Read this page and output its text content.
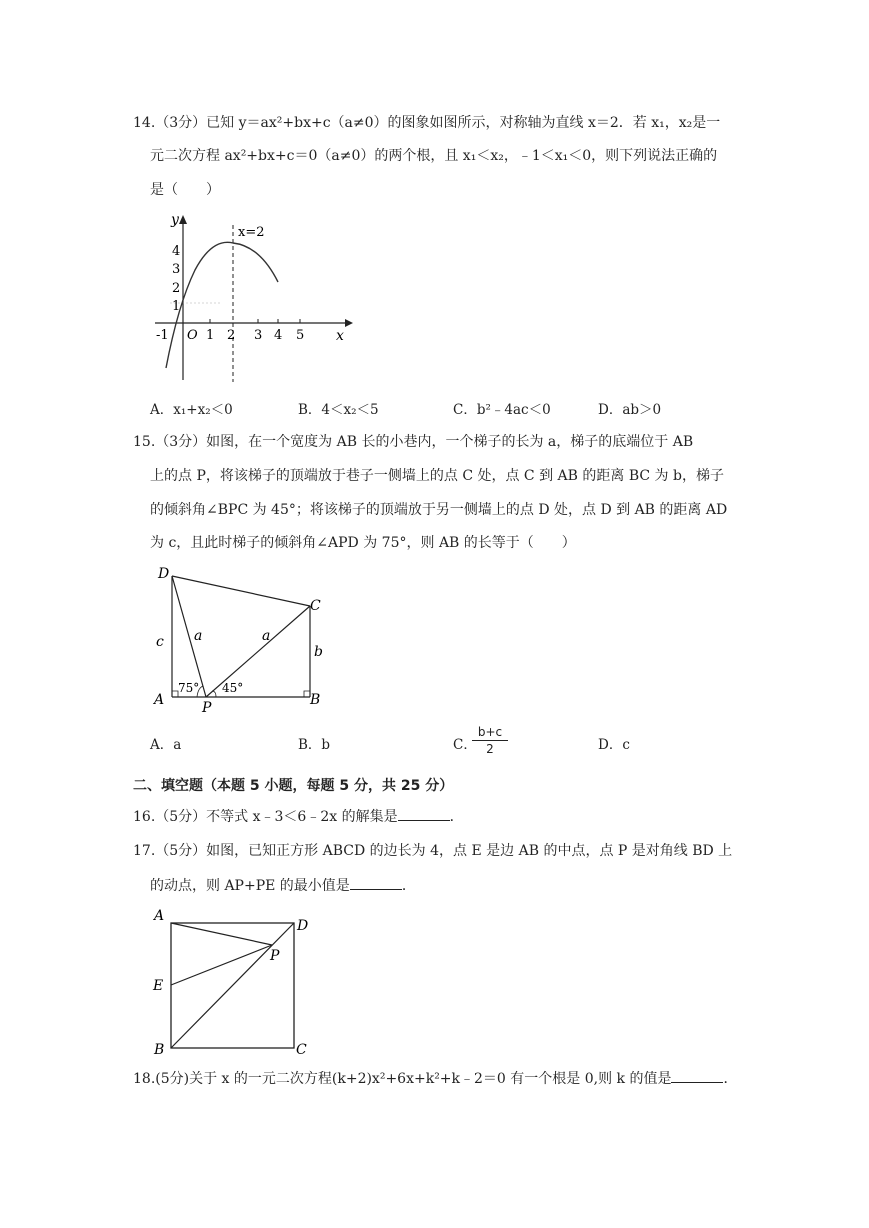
14.（3分）已知 y＝ax²+bx+c（a≠0）的图象如图所示，对称轴为直线 x＝2．若 x₁，x₂是一
元二次方程 ax²+bx+c＝0（a≠0）的两个根，且 x₁＜x₂，﹣1＜x₁＜0，则下列说法正确的
是（　　）
y
x
x=2
4
3
2
1
-1 O 1 2 3 4 5
A．x₁+x₂＜0	B．4＜x₂＜5	C．b²﹣4ac＜0	D．ab＞0
15.（3分）如图，在一个宽度为 AB 长的小巷内，一个梯子的长为 a，梯子的底端位于 AB
上的点 P，将该梯子的顶端放于巷子一侧墙上的点 C 处，点 C 到 AB 的距离 BC 为 b，梯子
的倾斜角∠BPC 为 45°；将该梯子的顶端放于另一侧墙上的点 D 处，点 D 到 AB 的距离 AD
为 c，且此时梯子的倾斜角∠APD 为 75°，则 AB 的长等于（　　）
D
C
A	B
P
c a	a
b
75° 45°
A．a	B．b	C．
$\frac{b+c}{2}$	D．c
二、填空题（本题 5 小题，每题 5 分，共 25 分）
16.（5分）不等式 x﹣3＜6﹣2x 的解集是	．
17.（5分）如图，已知正方形 ABCD 的边长为 4，点 E 是边 AB 的中点，点 P 是对角线 BD 上
的动点，则 AP+PE 的最小值是	．
A
D
E
P
B	C
18.(5分)关于 x 的一元二次方程(k+2)x²+6x+k²+k﹣2＝0 有一个根是 0,则 k 的值是	．
